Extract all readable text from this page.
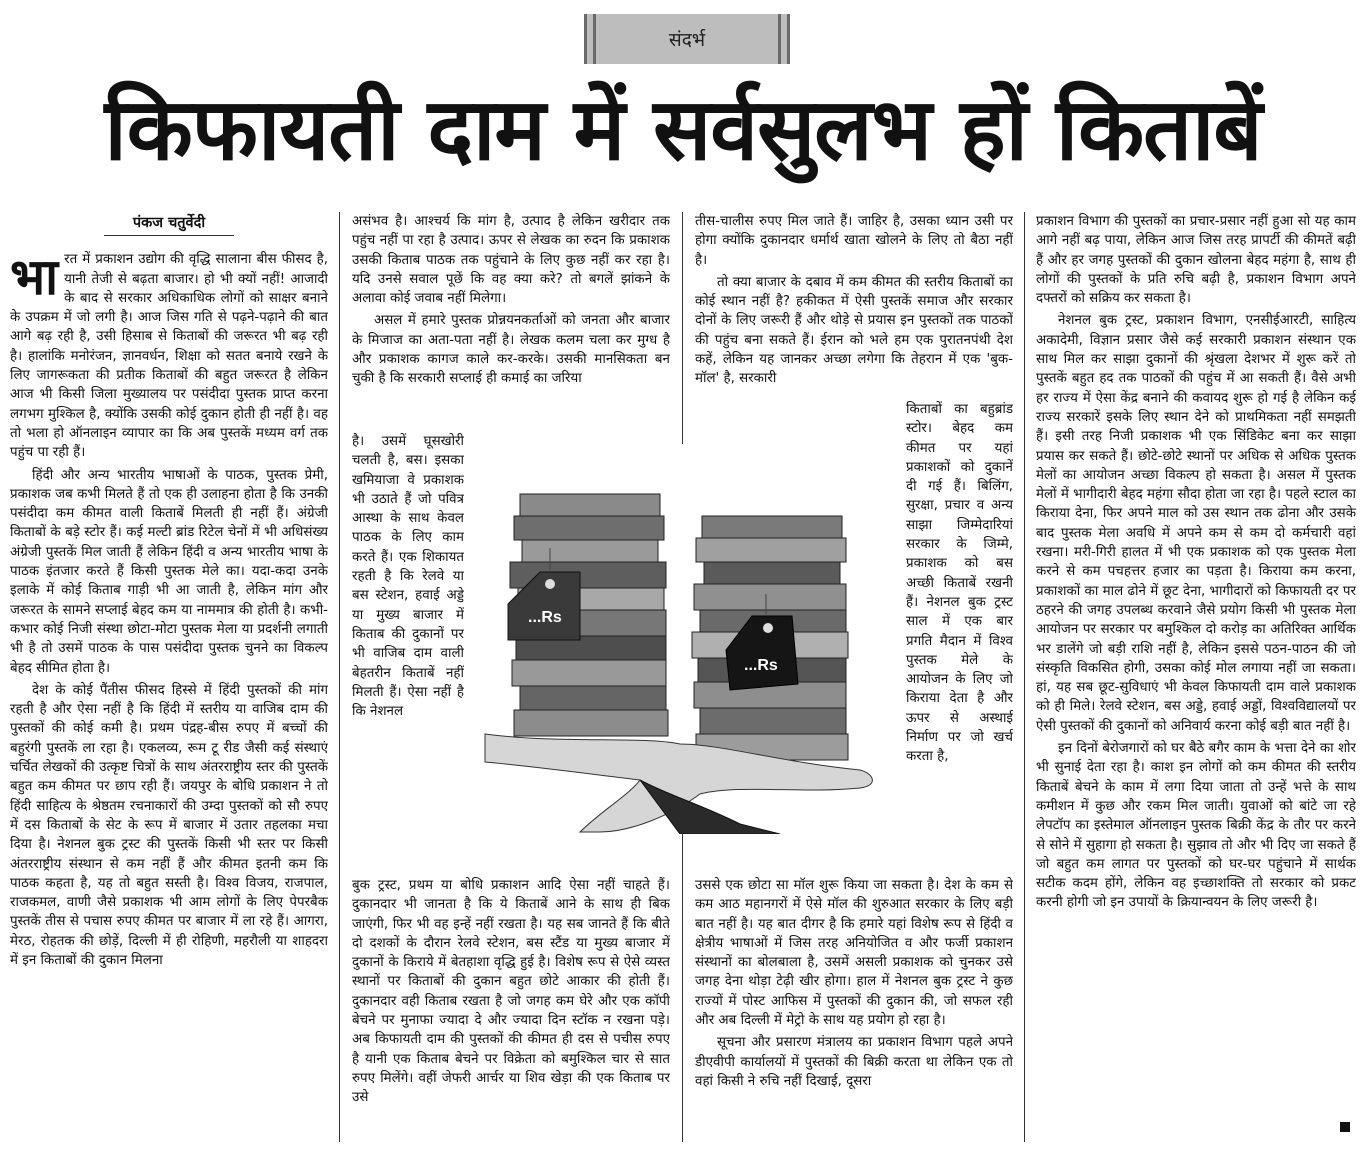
संदर्भ
किफायती दाम में सर्वसुलभ हों किताबें
पंकज चतुर्वेदी

भारत में प्रकाशन उद्योग की वृद्धि सालाना बीस फीसद है, यानी तेजी से बढ़ता बाजार। हो भी क्यों नहीं! आजादी के बाद से सरकार अधिकाधिक लोगों को साक्षर बनाने के उपक्रम में जो लगी है। आज जिस गति से पढ़ने-पढ़ाने की बात आगे बढ़ रही है, उसी हिसाब से किताबों की जरूरत भी बढ़ रही है। हालांकि मनोरंजन, ज्ञानवर्धन, शिक्षा को सतत बनाये रखने के लिए जागरूकता की प्रतीक किताबों की बहुत जरूरत है लेकिन आज भी किसी जिला मुख्यालय पर पसंदीदा पुस्तक प्राप्त करना लगभग मुश्किल है, क्योंकि उसकी कोई दुकान होती ही नहीं है। वह तो भला हो ऑनलाइन व्यापार का कि अब पुस्तकें मध्यम वर्ग तक पहुंच पा रही हैं।

हिंदी और अन्य भारतीय भाषाओं के पाठक, पुस्तक प्रेमी, प्रकाशक जब कभी मिलते हैं तो एक ही उलाहना होता है कि उनकी पसंदीदा कम कीमत वाली किताबें मिलती ही नहीं हैं। अंग्रेजी किताबों के बड़े स्टोर हैं। कई मल्टी ब्रांड रिटेल चेनों में भी अधिसंख्य अंग्रेजी पुस्तकें मिल जाती हैं लेकिन हिंदी व अन्य भारतीय भाषा के पाठक इंतजार करते हैं किसी पुस्तक मेले का। यदा-कदा उनके इलाके में कोई किताब गाड़ी भी आ जाती है, लेकिन मांग और जरूरत के सामने सप्लाई बेहद कम या नाममात्र की होती है। कभी-कभार कोई निजी संस्था छोटा-मोटा पुस्तक मेला या प्रदर्शनी लगाती भी है तो उसमें पाठक के पास पसंदीदा पुस्तक चुनने का विकल्प बेहद सीमित होता है।

देश के कोई पैंतीस फीसद हिस्से में हिंदी पुस्तकों की मांग रहती है और ऐसा नहीं है कि हिंदी में स्तरीय या वाजिब दाम की पुस्तकों की कोई कमी है। प्रथम पंद्रह-बीस रुपए में बच्चों की बहुरंगी पुस्तकें ला रहा है। एकलव्य, रूम टू रीड जैसी कई संस्थाएं चर्चित लेखकों की उत्कृष्ट चित्रों के साथ अंतरराष्ट्रीय स्तर की पुस्तकें बहुत कम कीमत पर छाप रही हैं। जयपुर के बोधि प्रकाशन ने तो हिंदी साहित्य के श्रेष्ठतम रचनाकारों की उम्दा पुस्तकों को सौ रुपए में दस किताबों के सेट के रूप में बाजार में उतार तहलका मचा दिया है। नेशनल बुक ट्रस्ट की पुस्तकें किसी भी स्तर पर किसी अंतरराष्ट्रीय संस्थान से कम नहीं हैं और कीमत इतनी कम कि पाठक कहता है, यह तो बहुत सस्ती है। विश्व विजय, राजपाल, राजकमल, वाणी जैसे प्रकाशक भी आम लोगों के लिए पेपरबैक पुस्तकें तीस से पचास रुपए कीमत पर बाजार में ला रहे हैं। आगरा, मेरठ, रोहतक की छोड़ें, दिल्ली में ही रोहिणी, महरौली या शाहदरा में इन किताबों की दुकान मिलना

असंभव है। आश्चर्य कि मांग है, उत्पाद है लेकिन खरीदार तक पहुंच नहीं पा रहा है उत्पाद। ऊपर से लेखक का रुदन कि प्रकाशक उसकी किताब पाठक तक पहुंचाने के लिए कुछ नहीं कर रहा है। यदि उनसे सवाल पूछें कि वह क्या करे? तो बगलें झांकने के अलावा कोई जवाब नहीं मिलेगा।

असल में हमारे पुस्तक प्रोन्नयनकर्ताओं को जनता और बाजार के मिजाज का अता-पता नहीं है। लेखक कलम चला कर मुग्ध है और प्रकाशक कागज काले कर-करके। उसकी मानसिकता बन चुकी है कि सरकारी सप्लाई ही कमाई का जरिया

है। उसमें घूसखोरी चलती है, बस। इसका खमियाजा वे प्रकाशक भी उठाते हैं जो पवित्र आस्था के साथ केवल पाठक के लिए काम करते हैं। एक शिकायत रहती है कि रेलवे या बस स्टेशन, हवाई अड्डे या मुख्य बाजार में किताब की दुकानों पर भी वाजिब दाम वाली बेहतरीन किताबें नहीं मिलती हैं। ऐसा नहीं है कि नेशनल

बुक ट्रस्ट, प्रथम या बोधि प्रकाशन आदि ऐसा नहीं चाहते हैं। दुकानदार भी जानता है कि ये किताबें आने के साथ ही बिक जाएंगी, फिर भी वह इन्हें नहीं रखता है। यह सब जानते हैं कि बीते दो दशकों के दौरान रेलवे स्टेशन, बस स्टैंड या मुख्य बाजार में दुकानों के किराये में बेतहाशा वृद्धि हुई है। विशेष रूप से ऐसे व्यस्त स्थानों पर किताबों की दुकान बहुत छोटे आकार की होती हैं। दुकानदार वही किताब रखता है जो जगह कम घेरे और एक कॉपी बेचने पर मुनाफा ज्यादा दे और ज्यादा दिन स्टॉक न रखना पड़े। अब किफायती दाम की पुस्तकों की कीमत ही दस से पचीस रुपए है यानी एक किताब बेचने पर विक्रेता को बमुश्किल चार से सात रुपए मिलेंगे। वहीं जेफरी आर्चर या शिव खेड़ा की एक किताब पर उसे

तीस-चालीस रुपए मिल जाते हैं। जाहिर है, उसका ध्यान उसी पर होगा क्योंकि दुकानदार धर्मार्थ खाता खोलने के लिए तो बैठा नहीं है।

तो क्या बाजार के दबाव में कम कीमत की स्तरीय किताबों का कोई स्थान नहीं है? हकीकत में ऐसी पुस्तकें समाज और सरकार दोनों के लिए जरूरी हैं और थोड़े से प्रयास इन पुस्तकों तक पाठकों की पहुंच बना सकते हैं। ईरान को भले हम एक पुरातनपंथी देश कहें, लेकिन यह जानकर अच्छा लगेगा कि तेहरान में एक 'बुक-मॉल' है, सरकारी

किताबों का बहुब्रांड स्टोर। बेहद कम कीमत पर यहां प्रकाशकों को दुकानें दी गई हैं। बिलिंग, सुरक्षा, प्रचार व अन्य साझा जिम्मेदारियां सरकार के जिम्मे, प्रकाशक को बस अच्छी किताबें रखनी हैं। नेशनल बुक ट्रस्ट साल में एक बार प्रगति मैदान में विश्व पुस्तक मेले के आयोजन के लिए जो किराया देता है और ऊपर से अस्थाई निर्माण पर जो खर्च करता है,

उससे एक छोटा सा मॉल शुरू किया जा सकता है। देश के कम से कम आठ महानगरों में ऐसे मॉल की शुरुआत सरकार के लिए बड़ी बात नहीं है। यह बात दीगर है कि हमारे यहां विशेष रूप से हिंदी व क्षेत्रीय भाषाओं में जिस तरह अनियोजित व और फर्जी प्रकाशन संस्थानों का बोलबाला है, उसमें असली प्रकाशक को चुनकर उसे जगह देना थोड़ा टेढ़ी खीर होगा। हाल में नेशनल बुक ट्रस्ट ने कुछ राज्यों में पोस्ट आफिस में पुस्तकों की दुकान की, जो सफल रही और अब दिल्ली में मेट्रो के साथ यह प्रयोग हो रहा है।

सूचना और प्रसारण मंत्रालय का प्रकाशन विभाग पहले अपने डीएवीपी कार्यालयों में पुस्तकों की बिक्री करता था लेकिन एक तो वहां किसी ने रुचि नहीं दिखाई, दूसरा

प्रकाशन विभाग की पुस्तकों का प्रचार-प्रसार नहीं हुआ सो यह काम आगे नहीं बढ़ पाया, लेकिन आज जिस तरह प्रापर्टी की कीमतें बढ़ी हैं और हर जगह पुस्तकों की दुकान खोलना बेहद महंगा है, साथ ही लोगों की पुस्तकों के प्रति रुचि बढ़ी है, प्रकाशन विभाग अपने दफ्तरों को सक्रिय कर सकता है।

नेशनल बुक ट्रस्ट, प्रकाशन विभाग, एनसीईआरटी, साहित्य अकादेमी, विज्ञान प्रसार जैसे कई सरकारी प्रकाशन संस्थान एक साथ मिल कर साझा दुकानों की श्रृंखला देशभर में शुरू करें तो पुस्तकें बहुत हद तक पाठकों की पहुंच में आ सकती हैं। वैसे अभी हर राज्य में ऐसा केंद्र बनाने की कवायद शुरू हो गई है लेकिन कई राज्य सरकारें इसके लिए स्थान देने को प्राथमिकता नहीं समझती हैं। इसी तरह निजी प्रकाशक भी एक सिंडिकेट बना कर साझा प्रयास कर सकते हैं। छोटे-छोटे स्थानों पर अधिक से अधिक पुस्तक मेलों का आयोजन अच्छा विकल्प हो सकता है। असल में पुस्तक मेलों में भागीदारी बेहद महंगा सौदा होता जा रहा है। पहले स्टाल का किराया देना, फिर अपने माल को उस स्थान तक ढोना और उसके बाद पुस्तक मेला अवधि में अपने कम से कम दो कर्मचारी वहां रखना। मरी-गिरी हालत में भी एक प्रकाशक को एक पुस्तक मेला करने से कम पचहत्तर हजार का पड़ता है। किराया कम करना, प्रकाशकों का माल ढोने में छूट देना, भागीदारों को किफायती दर पर ठहरने की जगह उपलब्ध करवाने जैसे प्रयोग किसी भी पुस्तक मेला आयोजन पर सरकार पर बमुश्किल दो करोड़ का अतिरिक्त आर्थिक भर डालेंगे जो बड़ी राशि नहीं है, लेकिन इससे पठन-पाठन की जो संस्कृति विकसित होगी, उसका कोई मोल लगाया नहीं जा सकता। हां, यह सब छूट-सुविधाएं भी केवल किफायती दाम वाले प्रकाशक को ही मिले। रेलवे स्टेशन, बस अड्डे, हवाई अड्डों, विश्वविद्यालयों पर ऐसी पुस्तकों की दुकानों को अनिवार्य करना कोई बड़ी बात नहीं है।

इन दिनों बेरोजगारों को घर बैठे बगैर काम के भत्ता देने का शोर भी सुनाई देता रहा है। काश इन लोगों को कम कीमत की स्तरीय किताबें बेचने के काम में लगा दिया जाता तो उन्हें भत्ते के साथ कमीशन में कुछ और रकम मिल जाती। युवाओं को बांटे जा रहे लेपटॉप का इस्तेमाल ऑनलाइन पुस्तक बिक्री केंद्र के तौर पर करने से सोने में सुहागा हो सकता है। सुझाव तो और भी दिए जा सकते हैं जो बहुत कम लागत पर पुस्तकों को घर-घर पहुंचाने में सार्थक सटीक कदम होंगे, लेकिन वह इच्छाशक्ति तो सरकार को प्रकट करनी होगी जो इन उपायों के क्रियान्वयन के लिए जरूरी है।

...Rs
...Rs
